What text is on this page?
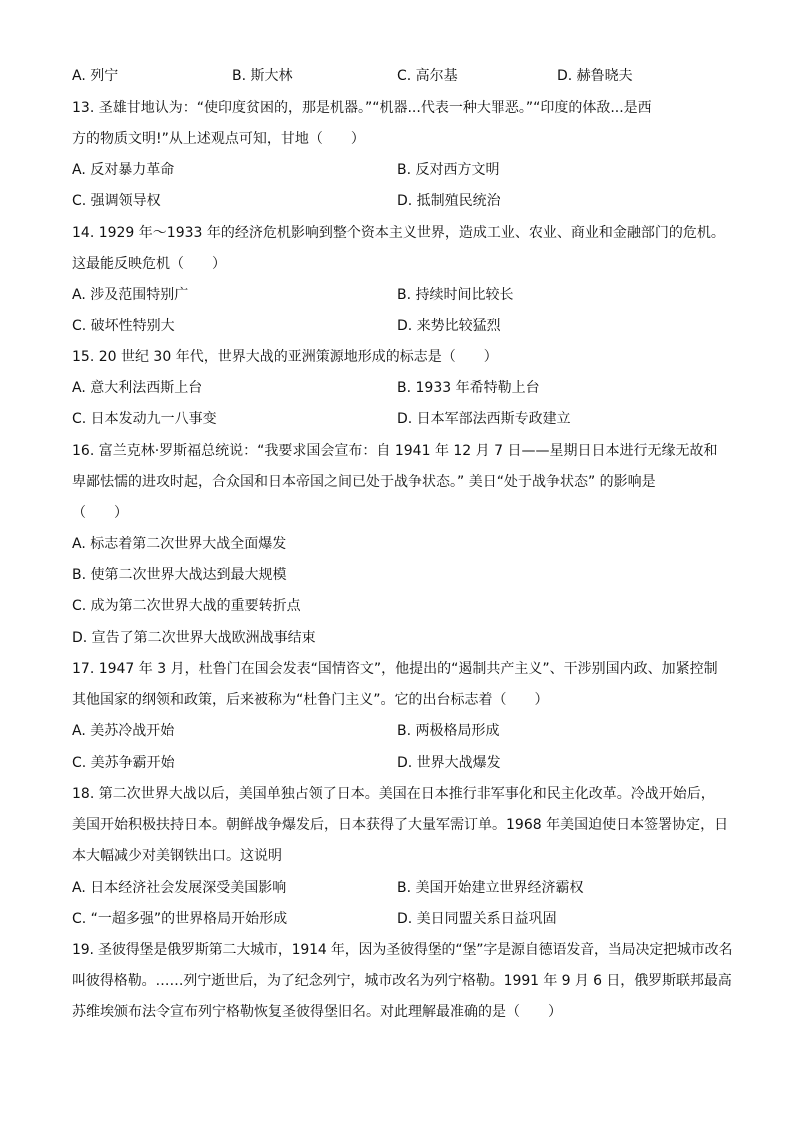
A. 列宁	B. 斯大林	C. 高尔基	D. 赫鲁晓夫
13. 圣雄甘地认为：“使印度贫困的，那是机器。”“机器...代表一种大罪恶。”“印度的体敌...是西
方的物质文明!”从上述观点可知，甘地（　　）
A. 反对暴力革命	B. 反对西方文明
C. 强调领导权	D. 抵制殖民统治
14. 1929 年～1933 年的经济危机影响到整个资本主义世界，造成工业、农业、商业和金融部门的危机。
这最能反映危机（　　）
A. 涉及范围特别广	B. 持续时间比较长
C. 破坏性特别大	D. 来势比较猛烈
15. 20 世纪 30 年代，世界大战的亚洲策源地形成的标志是（　　）
A. 意大利法西斯上台	B. 1933 年希特勒上台
C. 日本发动九一八事变	D. 日本军部法西斯专政建立
16. 富兰克林·罗斯福总统说：“我要求国会宣布：自 1941 年 12 月 7 日——星期日日本进行无缘无故和
卑鄙怯懦的进攻时起，合众国和日本帝国之间已处于战争状态。” 美日“处于战争状态” 的影响是
（　　）
A. 标志着第二次世界大战全面爆发
B. 使第二次世界大战达到最大规模
C. 成为第二次世界大战的重要转折点
D. 宣告了第二次世界大战欧洲战事结束
17. 1947 年 3 月，杜鲁门在国会发表“国情咨文”，他提出的“遏制共产主义”、干涉别国内政、加紧控制
其他国家的纲领和政策，后来被称为“杜鲁门主义”。它的出台标志着（　　）
A. 美苏冷战开始	B. 两极格局形成
C. 美苏争霸开始	D. 世界大战爆发
18. 第二次世界大战以后，美国单独占领了日本。美国在日本推行非军事化和民主化改革。冷战开始后，
美国开始积极扶持日本。朝鲜战争爆发后，日本获得了大量军需订单。1968 年美国迫使日本签署协定，日
本大幅减少对美钢铁出口。这说明
A. 日本经济社会发展深受美国影响	B. 美国开始建立世界经济霸权
C. “一超多强”的世界格局开始形成	D. 美日同盟关系日益巩固
19. 圣彼得堡是俄罗斯第二大城市，1914 年，因为圣彼得堡的“堡”字是源自德语发音，当局决定把城市改名
叫彼得格勒。……列宁逝世后，为了纪念列宁，城市改名为列宁格勒。1991 年 9 月 6 日，俄罗斯联邦最高
苏维埃颁布法令宣布列宁格勒恢复圣彼得堡旧名。对此理解最准确的是（　　）
